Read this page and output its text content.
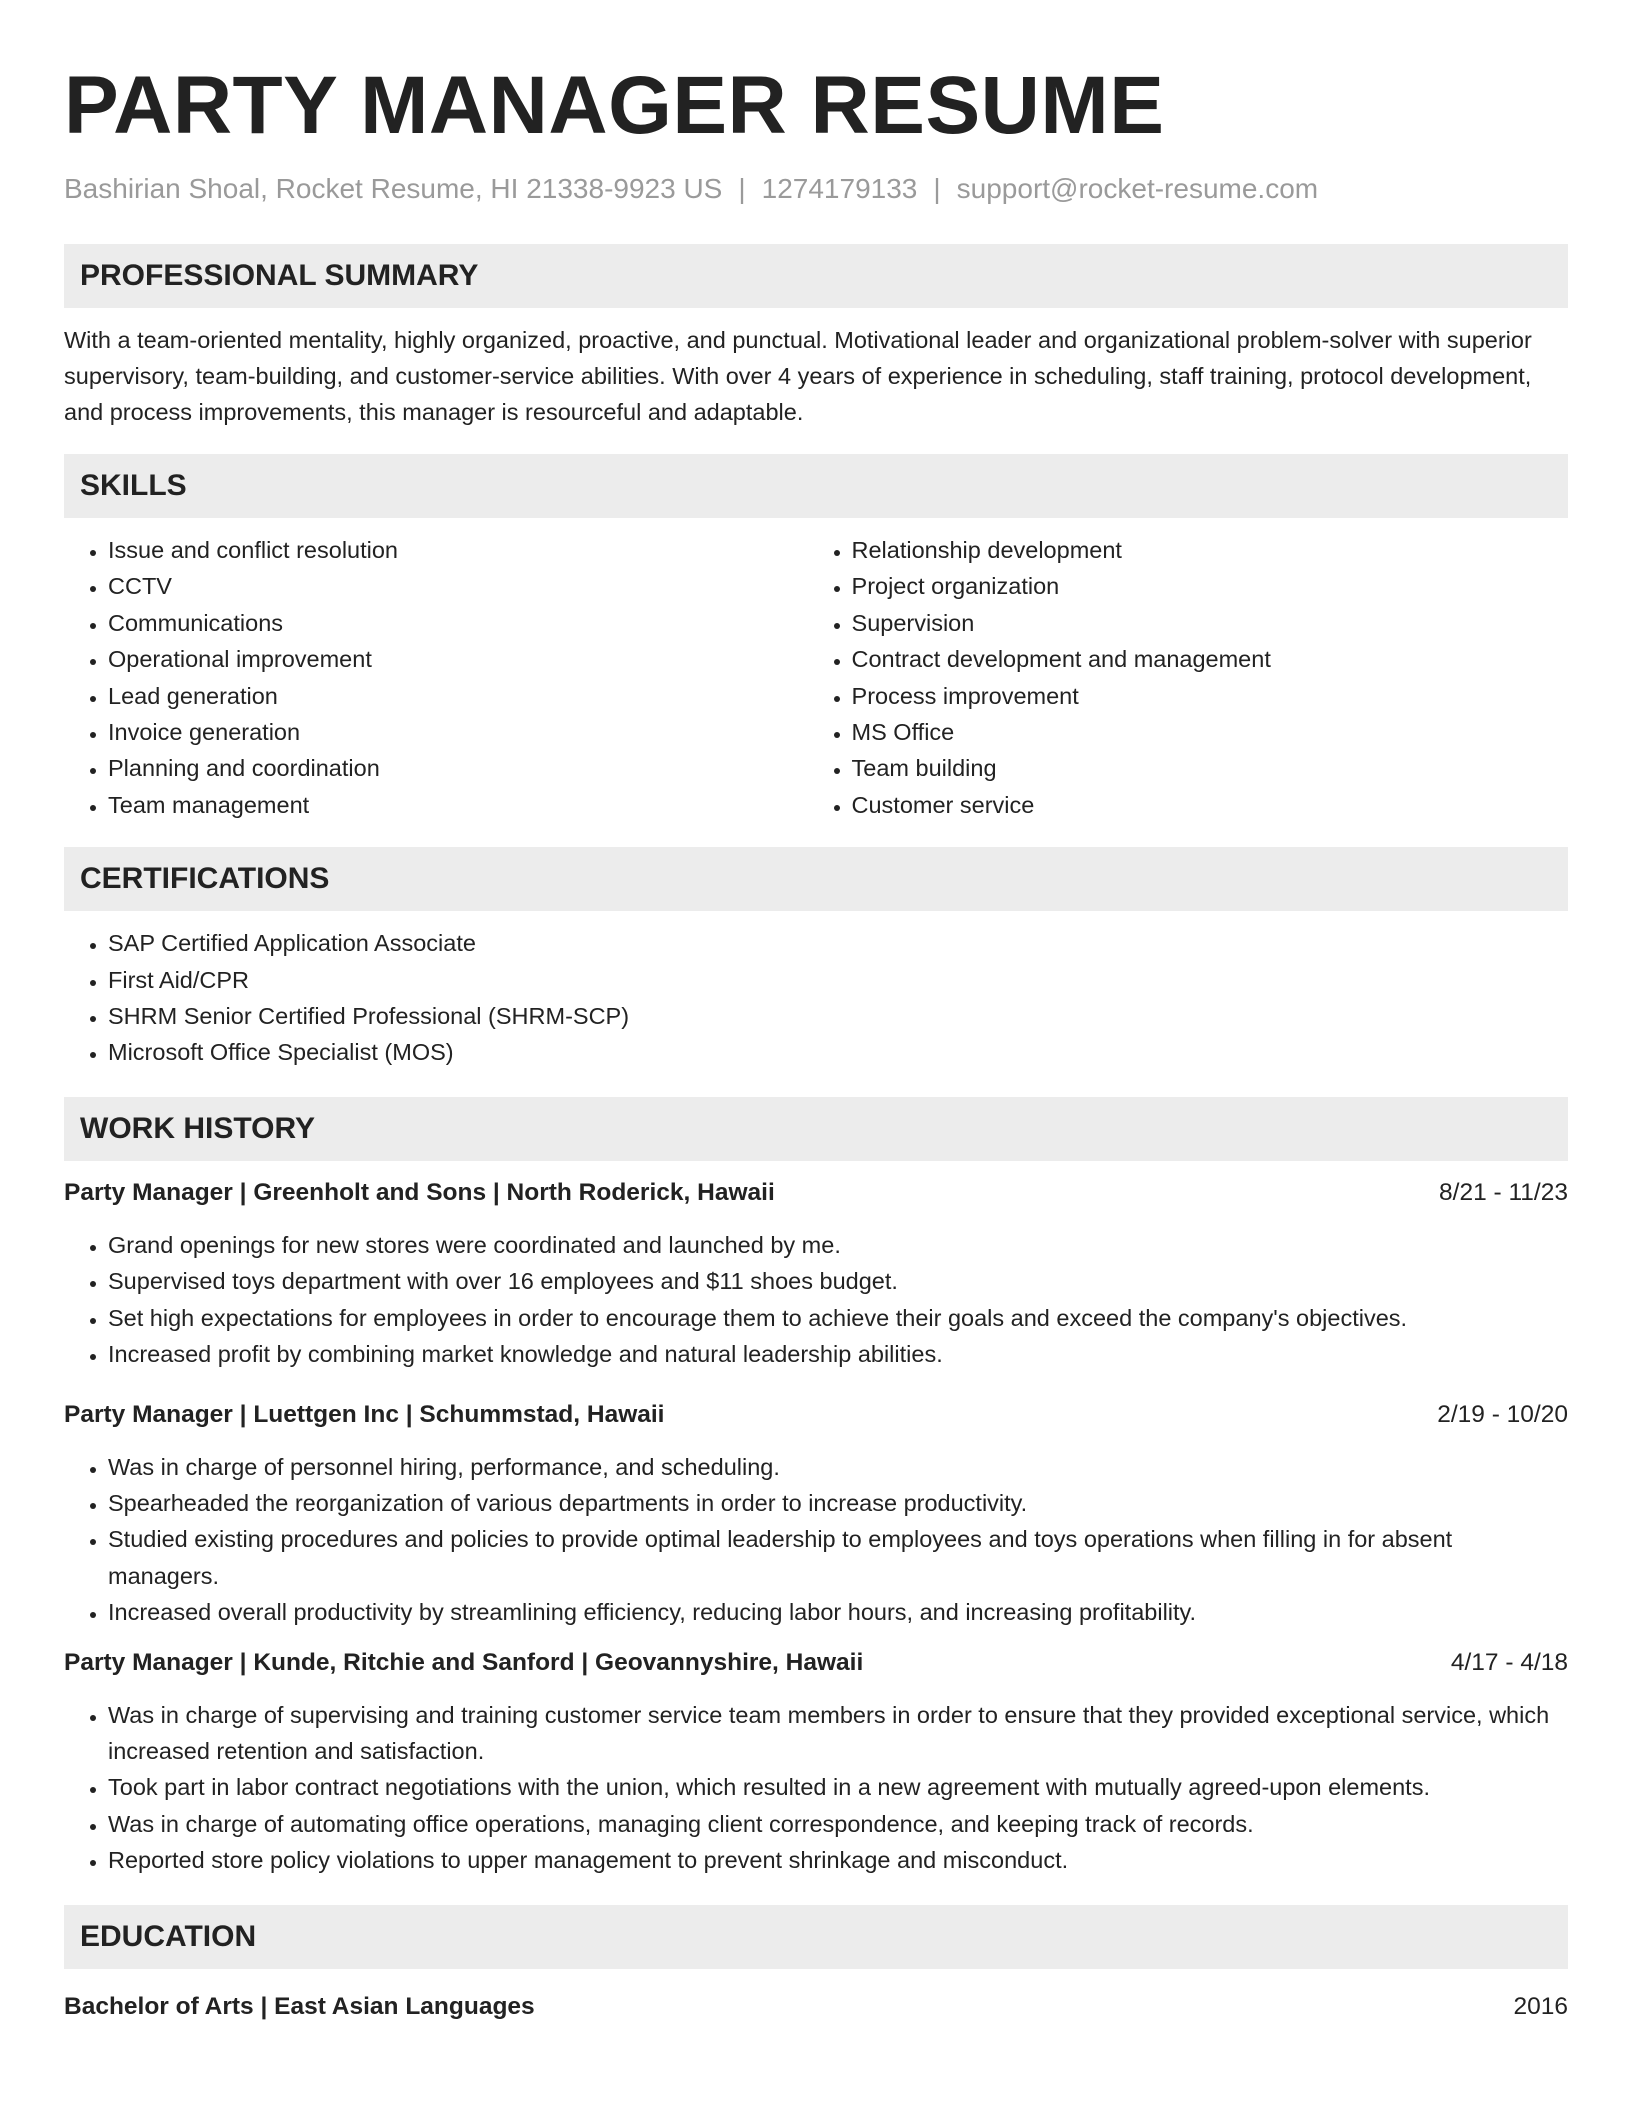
PARTY MANAGER RESUME
Bashirian Shoal, Rocket Resume, HI 21338-9923 US | 1274179133 | support@rocket-resume.com
PROFESSIONAL SUMMARY

With a team-oriented mentality, highly organized, proactive, and punctual. Motivational leader and organizational problem-solver with superior supervisory, team-building, and customer-service abilities. With over 4 years of experience in scheduling, staff training, protocol development, and process improvements, this manager is resourceful and adaptable.

SKILLS
• Issue and conflict resolution
• CCTV
• Communications
• Operational improvement
• Lead generation
• Invoice generation
• Planning and coordination
• Team management
• Relationship development
• Project organization
• Supervision
• Contract development and management
• Process improvement
• MS Office
• Team building
• Customer service
CERTIFICATIONS
• SAP Certified Application Associate
• First Aid/CPR
• SHRM Senior Certified Professional (SHRM-SCP)
• Microsoft Office Specialist (MOS)
WORK HISTORY
Party Manager | Greenholt and Sons | North Roderick, Hawaii	8/21 - 11/23
• Grand openings for new stores were coordinated and launched by me.
• Supervised toys department with over 16 employees and $11 shoes budget.
• Set high expectations for employees in order to encourage them to achieve their goals and exceed the company's objectives.
• Increased profit by combining market knowledge and natural leadership abilities.
Party Manager | Luettgen Inc | Schummstad, Hawaii	2/19 - 10/20
• Was in charge of personnel hiring, performance, and scheduling.
• Spearheaded the reorganization of various departments in order to increase productivity.
• Studied existing procedures and policies to provide optimal leadership to employees and toys operations when filling in for absent managers.
• Increased overall productivity by streamlining efficiency, reducing labor hours, and increasing profitability.
Party Manager | Kunde, Ritchie and Sanford | Geovannyshire, Hawaii	4/17 - 4/18
• Was in charge of supervising and training customer service team members in order to ensure that they provided exceptional service, which increased retention and satisfaction.
• Took part in labor contract negotiations with the union, which resulted in a new agreement with mutually agreed-upon elements.
• Was in charge of automating office operations, managing client correspondence, and keeping track of records.
• Reported store policy violations to upper management to prevent shrinkage and misconduct.
EDUCATION
Bachelor of Arts | East Asian Languages	2016
